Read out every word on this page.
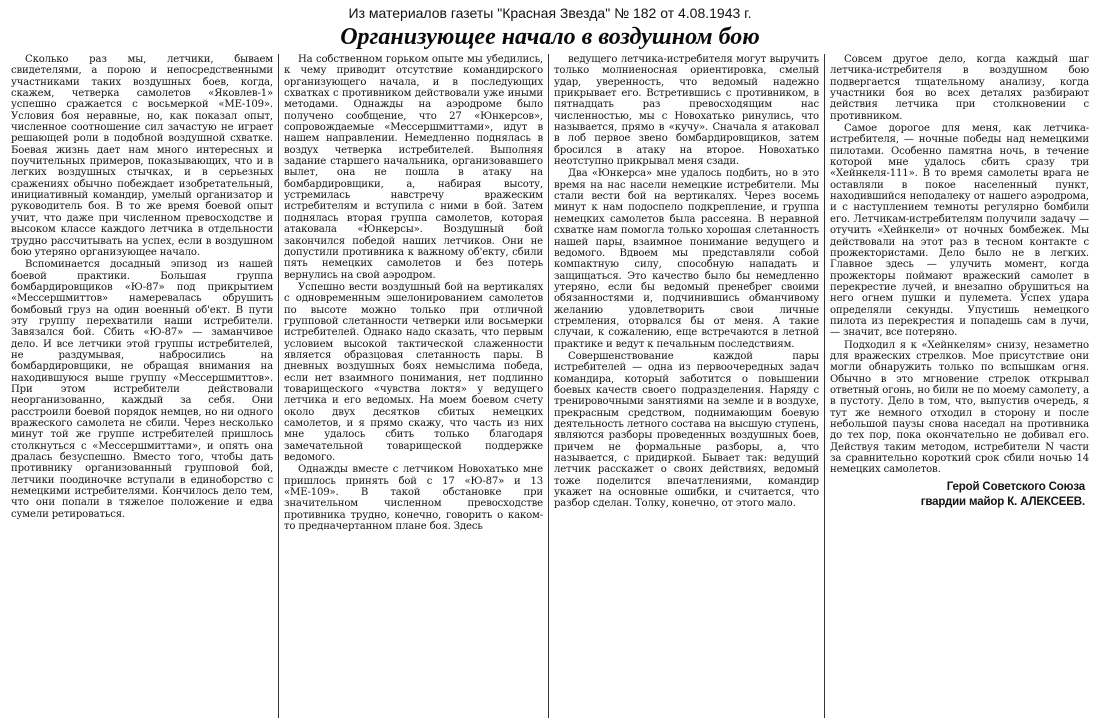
Из материалов газеты "Красная Звезда" № 182 от 4.08.1943 г.
Организующее начало в воздушном бою

Сколько раз мы, летчики, бываем свидетелями, а порою и непосредственными участниками таких воздушных боев, когда, скажем, четверка самолетов «Яковлев-1» успешно сражается с восьмеркой «МЕ-109». Условия боя неравные, но, как показал опыт, численное соотношение сил зачастую не играет решающей роли в подобной воздушной схватке. Боевая жизнь дает нам много интересных и поучительных примеров, показывающих, что и в легких воздушных стычках, и в серьезных сражениях обычно побеждает изобретательный, инициативный командир, умелый организатор и руководитель боя. В то же время боевой опыт учит, что даже при численном превосходстве и высоком классе каждого летчика в отдельности трудно рассчитывать на успех, если в воздушном бою утеряно организующее начало.

Вспоминается досадный эпизод из нашей боевой практики. Большая группа бомбардировщиков «Ю-87» под прикрытием «Мессершмиттов» намеревалась обрушить бомбовый груз на один военный об'ект. В пути эту группу перехватили наши истребители. Завязался бой. Сбить «Ю-87» — заманчивое дело. И все летчики этой группы истребителей, не раздумывая, набросились на бомбардировщики, не обращая внимания на находившуюся выше группу «Мессершмиттов». При этом истребители действовали неорганизованно, каждый за себя. Они расстроили боевой порядок немцев, но ни одного вражеского самолета не сбили. Через несколько минут той же группе истребителей пришлось столкнуться с «Мессершмиттами», и опять она дралась безуспешно. Вместо того, чтобы дать противнику организованный групповой бой, летчики поодиночке вступали в единоборство с немецкими истребителями. Кончилось дело тем, что они попали в тяжелое положение и едва сумели ретироваться.

На собственном горьком опыте мы убедились, к чему приводит отсутствие командирского организующего начала, и в последующих схватках с противником действовали уже иными методами. Однажды на аэродроме было получено сообщение, что 27 «Юнкерсов», сопровождаемые «Мессершмиттами», идут в нашем направлении. Немедленно поднялась в воздух четверка истребителей. Выполняя задание старшего начальника, организовавшего вылет, она не пошла в атаку на бомбардировщики, а, набирая высоту, устремилась навстречу вражеским истребителям и вступила с ними в бой. Затем поднялась вторая группа самолетов, которая атаковала «Юнкерсы». Воздушный бой закончился победой наших летчиков. Они не допустили противника к важному об'екту, сбили пять немецких самолетов и без потерь вернулись на свой аэродром.

Успешно вести воздушный бой на вертикалях с одновременным эшелонированием самолетов по высоте можно только при отличной групповой слетанности четверки или восьмерки истребителей. Однако надо сказать, что первым условием высокой тактической слаженности является образцовая слетанность пары. В дневных воздушных боях немыслима победа, если нет взаимного понимания, нет подлинно товарищеского «чувства локтя» у ведущего летчика и его ведомых. На моем боевом счету около двух десятков сбитых немецких самолетов, и я прямо скажу, что часть из них мне удалось сбить только благодаря замечательной товарищеской поддержке ведомого.

Однажды вместе с летчиком Новохатько мне пришлось принять бой с 17 «Ю-87» и 13 «МЕ-109». В такой обстановке при значительном численном превосходстве противника трудно, конечно, говорить о каком-то предначертанном плане боя. Здесь

ведущего летчика-истребителя могут выручить только молниеносная ориентировка, смелый удар, уверенность, что ведомый надежно прикрывает его. Встретившись с противником, в пятнадцать раз превосходящим нас численностью, мы с Новохатько ринулись, что называется, прямо в «кучу». Сначала я атаковал в лоб первое звено бомбардировщиков, затем бросился в атаку на второе. Новохатько неотступно прикрывал меня сзади.

Два «Юнкерса» мне удалось подбить, но в это время на нас насели немецкие истребители. Мы стали вести бой на вертикалях. Через восемь минут к нам подоспело подкрепление, и группа немецких самолетов была рассеяна. В неравной схватке нам помогла только хорошая слетанность нашей пары, взаимное понимание ведущего и ведомого. Вдвоем мы представляли собой компактную силу, способную нападать и защищаться. Это качество было бы немедленно утеряно, если бы ведомый пренебрег своими обязанностями и, подчинившись обманчивому желанию удовлетворить свои личные стремления, оторвался бы от меня. А такие случаи, к сожалению, еще встречаются в летной практике и ведут к печальным последствиям.

Совершенствование каждой пары истребителей — одна из первоочередных задач командира, который заботится о повышении боевых качеств своего подразделения. Наряду с тренировочными занятиями на земле и в воздухе, прекрасным средством, поднимающим боевую деятельность летного состава на высшую ступень, являются разборы проведенных воздушных боев, причем не формальные разборы, а, что называется, с придиркой. Бывает так: ведущий летчик расскажет о своих действиях, ведомый тоже поделится впечатлениями, командир укажет на основные ошибки, и считается, что разбор сделан. Толку, конечно, от этого мало.

Совсем другое дело, когда каждый шаг летчика-истребителя в воздушном бою подвергается тщательному анализу, когда участники боя во всех деталях разбирают действия летчика при столкновении с противником.

Самое дорогое для меня, как летчика-истребителя, — ночные победы над немецкими пилотами. Особенно памятна ночь, в течение которой мне удалось сбить сразу три «Хейнкеля-111». В то время самолеты врага не оставляли в покое населенный пункт, находившийся неподалеку от нашего аэродрома, и с наступлением темноты регулярно бомбили его. Летчикам-истребителям получили задачу — отучить «Хейнкели» от ночных бомбежек. Мы действовали на этот раз в тесном контакте с прожектористами. Дело было не в легких. Главное здесь — улучить момент, когда прожекторы поймают вражеский самолет в перекрестие лучей, и внезапно обрушиться на него огнем пушки и пулемета. Успех удара определяли секунды. Упустишь немецкого пилота из перекрестия и попадешь сам в лучи, — значит, все потеряно.

Подходил я к «Хейнкелям» снизу, незаметно для вражеских стрелков. Мое присутствие они могли обнаружить только по вспышкам огня. Обычно в это мгновение стрелок открывал ответный огонь, но били не по моему самолету, а в пустоту. Дело в том, что, выпустив очередь, я тут же немного отходил в сторону и после небольшой паузы снова наседал на противника до тех пор, пока окончательно не добивал его. Действуя таким методом, истребители N части за сравнительно короткий срок сбили ночью 14 немецких самолетов.

Герой Советского Союза
гвардии майор К. АЛЕКСЕЕВ.
